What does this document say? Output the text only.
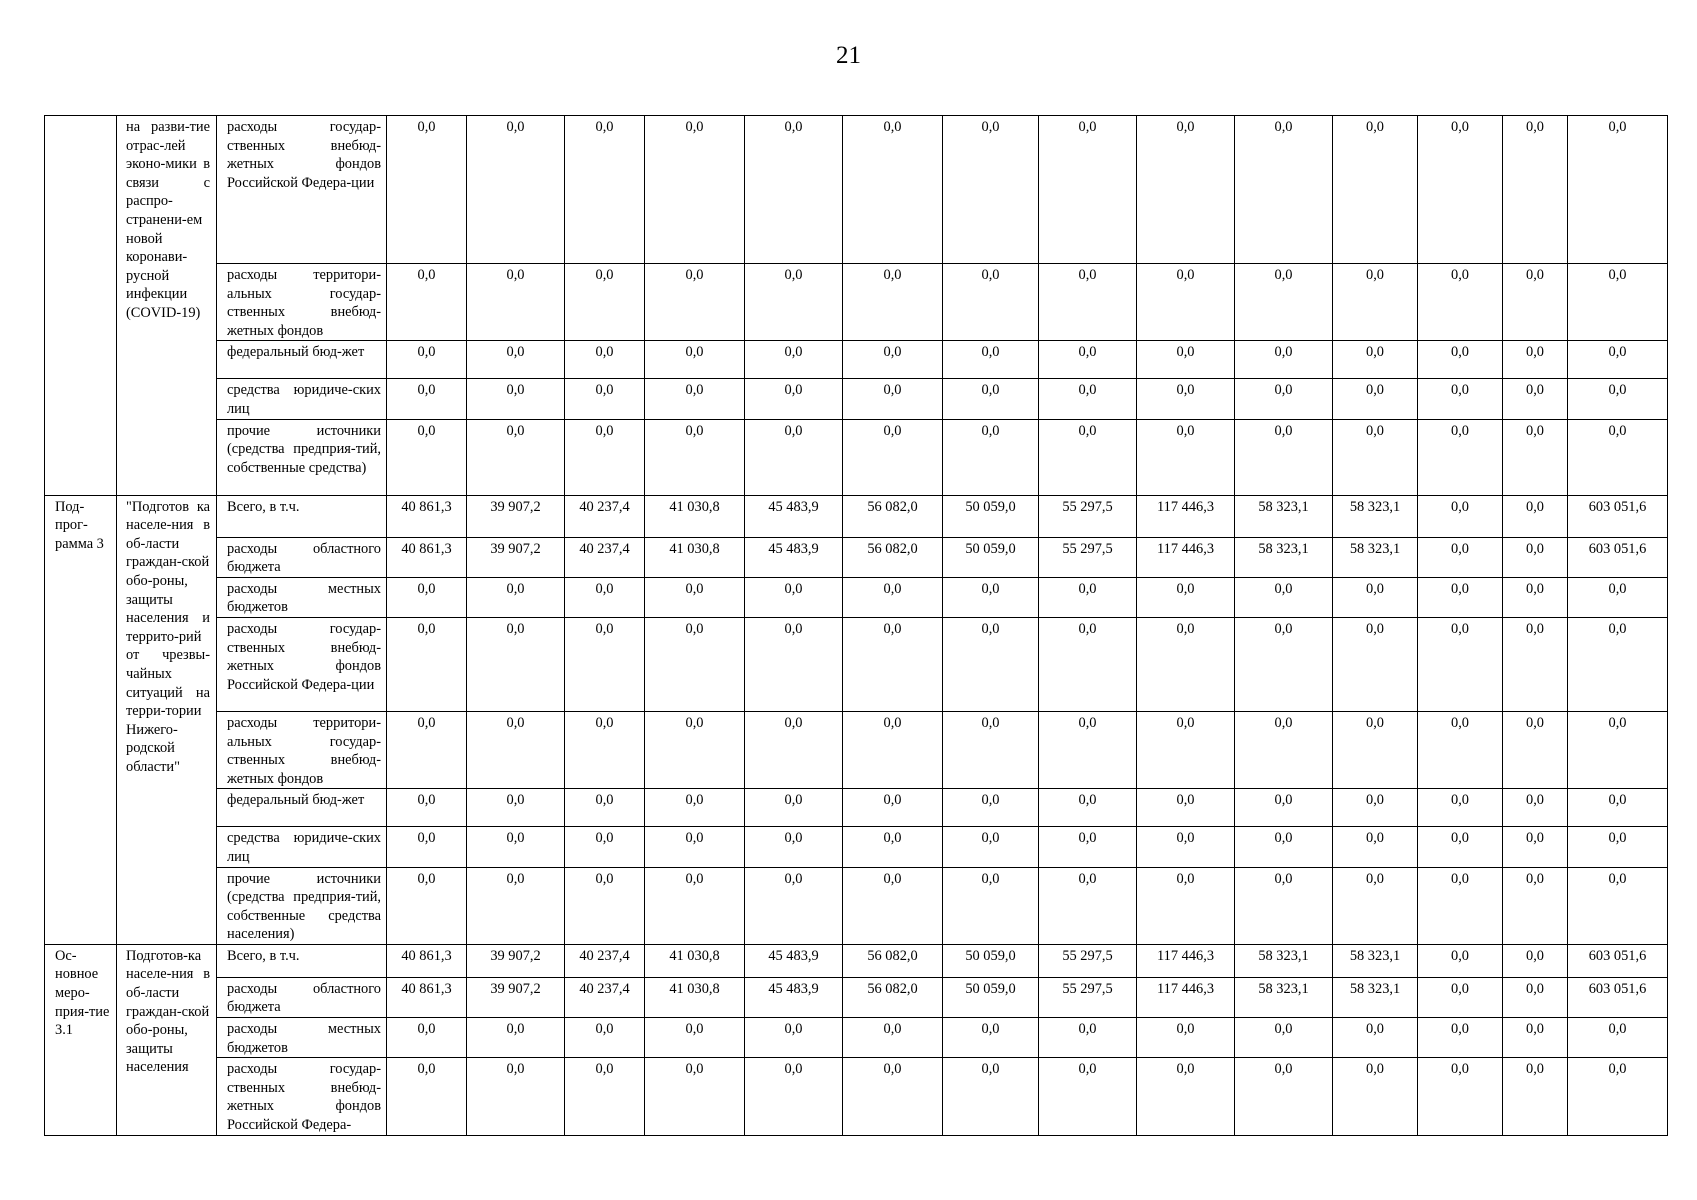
21
	на разви-тие отрас-лей эконо-мики в связи с распро-странени-ем новой коронави-русной инфекции (COVID-19)	расходы государ-ственных внебюд-жетных фондов Российской Федера-ции	0,0	0,0	0,0	0,0	0,0	0,0	0,0	0,0	0,0	0,0	0,0	0,0	0,0	0,0
		расходы территори-альных государ-ственных внебюд-жетных фондов	0,0	0,0	0,0	0,0	0,0	0,0	0,0	0,0	0,0	0,0	0,0	0,0	0,0	0,0
		федеральный бюд-жет	0,0	0,0	0,0	0,0	0,0	0,0	0,0	0,0	0,0	0,0	0,0	0,0	0,0	0,0
		средства юридиче-ских лиц	0,0	0,0	0,0	0,0	0,0	0,0	0,0	0,0	0,0	0,0	0,0	0,0	0,0	0,0
		прочие источники (средства предприя-тий, собственные средства)	0,0	0,0	0,0	0,0	0,0	0,0	0,0	0,0	0,0	0,0	0,0	0,0	0,0	0,0
Под-прог-рамма 3	"Подготов ка населе-ния в об-ласти граждан-ской обо-роны, защиты населения и террито-рий от чрезвы-чайных ситуаций на терри-тории Нижего-родской области"	Всего, в т.ч.	40 861,3	39 907,2	40 237,4	41 030,8	45 483,9	56 082,0	50 059,0	55 297,5	117 446,3	58 323,1	58 323,1	0,0	0,0	603 051,6
		расходы областного бюджета	40 861,3	39 907,2	40 237,4	41 030,8	45 483,9	56 082,0	50 059,0	55 297,5	117 446,3	58 323,1	58 323,1	0,0	0,0	603 051,6
		расходы местных бюджетов	0,0	0,0	0,0	0,0	0,0	0,0	0,0	0,0	0,0	0,0	0,0	0,0	0,0	0,0
		расходы государ-ственных внебюд-жетных фондов Российской Федера-ции	0,0	0,0	0,0	0,0	0,0	0,0	0,0	0,0	0,0	0,0	0,0	0,0	0,0	0,0
		расходы территори-альных государ-ственных внебюд-жетных фондов	0,0	0,0	0,0	0,0	0,0	0,0	0,0	0,0	0,0	0,0	0,0	0,0	0,0	0,0
		федеральный бюд-жет	0,0	0,0	0,0	0,0	0,0	0,0	0,0	0,0	0,0	0,0	0,0	0,0	0,0	0,0
		средства юридиче-ских лиц	0,0	0,0	0,0	0,0	0,0	0,0	0,0	0,0	0,0	0,0	0,0	0,0	0,0	0,0
		прочие источники (средства предприя-тий, собственные средства населения)	0,0	0,0	0,0	0,0	0,0	0,0	0,0	0,0	0,0	0,0	0,0	0,0	0,0	0,0
Ос-новное меро-прия-тие 3.1	Подготов-ка населе-ния в об-ласти граждан-ской обо-роны, защиты населения	Всего, в т.ч.	40 861,3	39 907,2	40 237,4	41 030,8	45 483,9	56 082,0	50 059,0	55 297,5	117 446,3	58 323,1	58 323,1	0,0	0,0	603 051,6
		расходы областного бюджета	40 861,3	39 907,2	40 237,4	41 030,8	45 483,9	56 082,0	50 059,0	55 297,5	117 446,3	58 323,1	58 323,1	0,0	0,0	603 051,6
		расходы местных бюджетов	0,0	0,0	0,0	0,0	0,0	0,0	0,0	0,0	0,0	0,0	0,0	0,0	0,0	0,0
		расходы государ-ственных внебюд-жетных фондов Российской Федера-	0,0	0,0	0,0	0,0	0,0	0,0	0,0	0,0	0,0	0,0	0,0	0,0	0,0	0,0
